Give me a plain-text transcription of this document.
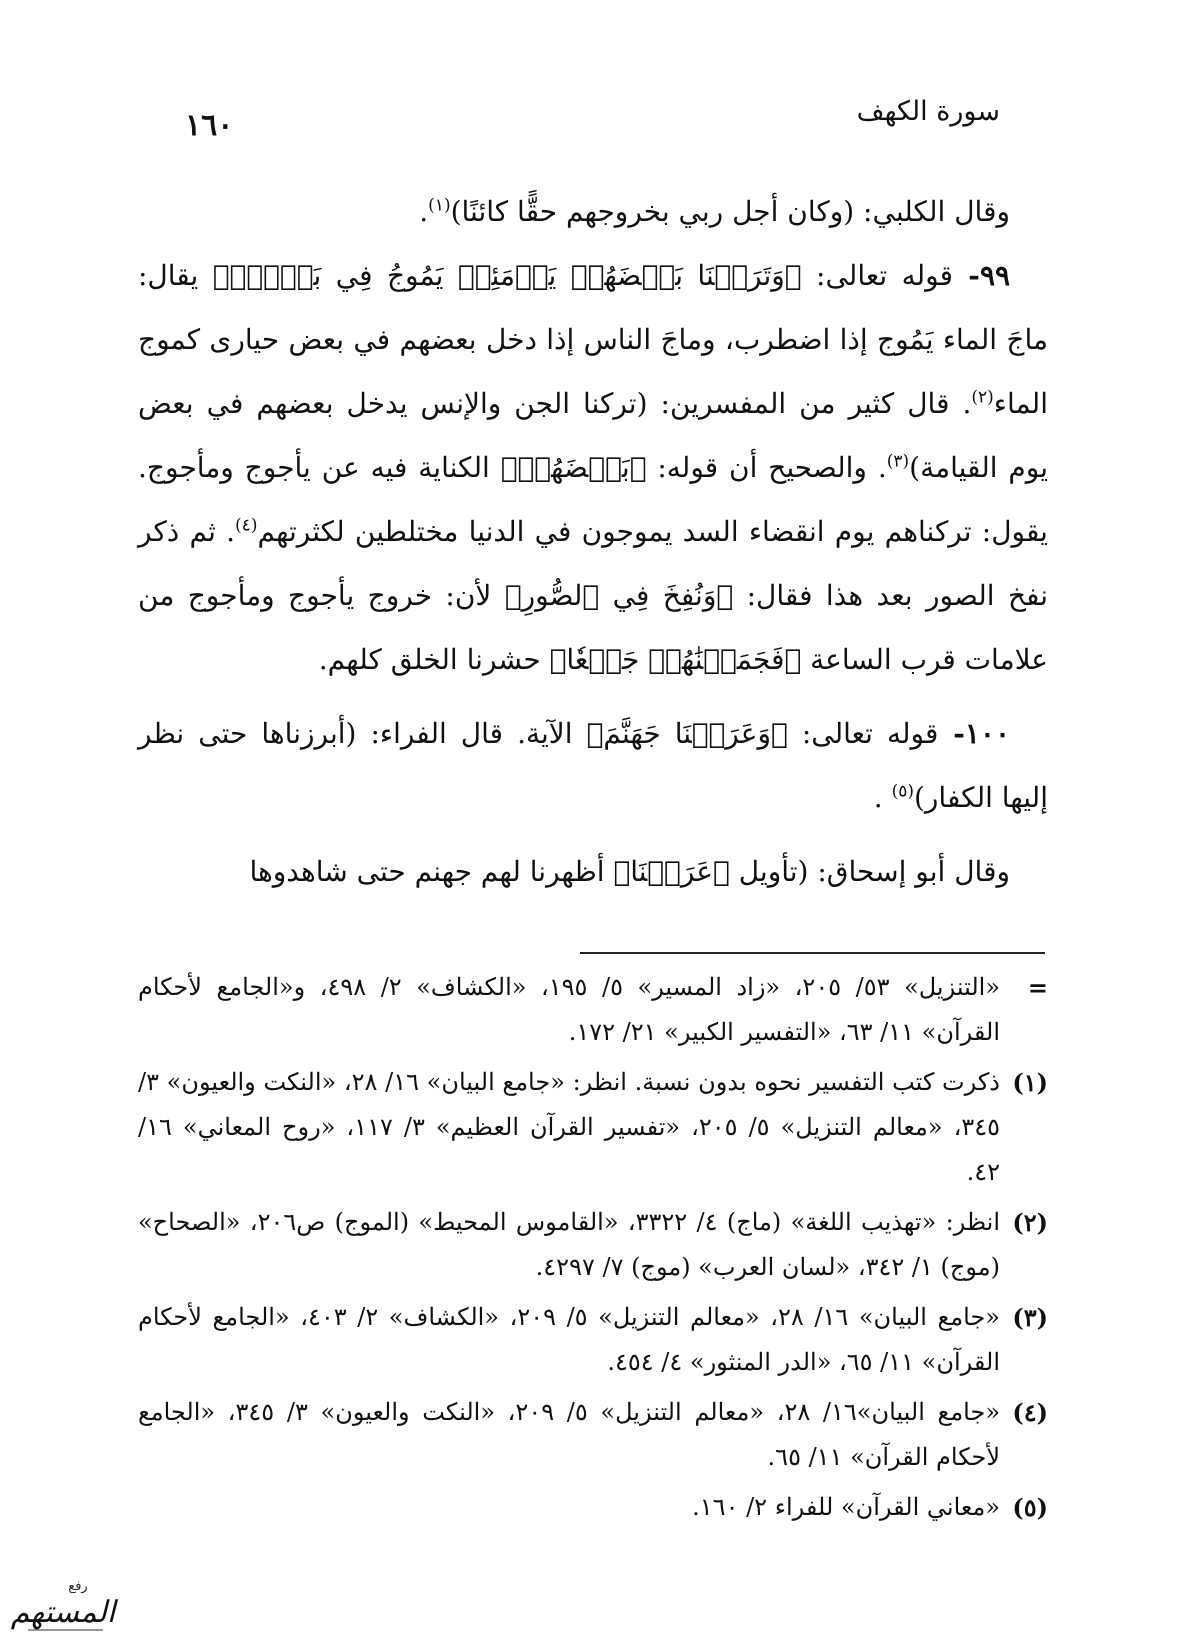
١٦٠	سورة الكهف

وقال الكلبي: (وكان أجل ربي بخروجهم حقًّا كائنًا)$^{(١)}$.

٩٩- قوله تعالى: ﴿وَتَرَكۡنَا بَعۡضَهُمۡ يَوۡمَئِذٖ يَمُوجُ فِي بَعۡضٖۖ﴾ يقال: ماجَ الماء يَمُوج إذا اضطرب، وماجَ الناس إذا دخل بعضهم في بعض حيارى كموج الماء$^{(٢)}$. قال كثير من المفسرين: (تركنا الجن والإنس يدخل بعضهم في بعض يوم القيامة)$^{(٣)}$. والصحيح أن قوله: ﴿بَعۡضَهُمۡ﴾ الكناية فيه عن يأجوج ومأجوج. يقول: تركناهم يوم انقضاء السد يموجون في الدنيا مختلطين لكثرتهم$^{(٤)}$. ثم ذكر نفخ الصور بعد هذا فقال: ﴿وَنُفِخَ فِي ٱلصُّورِ﴾ لأن: خروج يأجوج ومأجوج من علامات قرب الساعة ﴿فَجَمَعۡنَٰهُمۡ جَمۡعٗا﴾ حشرنا الخلق كلهم.

١٠٠- قوله تعالى: ﴿وَعَرَضۡنَا جَهَنَّمَ﴾ الآية. قال الفراء: (أبرزناها حتى نظر إليها الكفار)$^{(٥)}$ .

وقال أبو إسحاق: (تأويل ﴿عَرَضۡنَا﴾ أظهرنا لهم جهنم حتى شاهدوها

=
«التنزيل» ٥٣/ ٢٠٥، «زاد المسير» ٥/ ١٩٥، «الكشاف» ٢/ ٤٩٨، و«الجامع لأحكام القرآن» ١١/ ٦٣، «التفسير الكبير» ٢١/ ١٧٢.
(١)
ذكرت كتب التفسير نحوه بدون نسبة. انظر: «جامع البيان» ١٦/ ٢٨، «النكت والعيون» ٣/ ٣٤٥، «معالم التنزيل» ٥/ ٢٠٥، «تفسير القرآن العظيم» ٣/ ١١٧، «روح المعاني» ١٦/ ٤٢.
(٢)
انظر: «تهذيب اللغة» (ماج) ٤/ ٣٣٢٢، «القاموس المحيط» (الموج) ص٢٠٦، «الصحاح» (موج) ١/ ٣٤٢، «لسان العرب» (موج) ٧/ ٤٢٩٧.
(٣)
«جامع البيان» ١٦/ ٢٨، «معالم التنزيل» ٥/ ٢٠٩، «الكشاف» ٢/ ٤٠٣، «الجامع لأحكام القرآن» ١١/ ٦٥، «الدر المنثور» ٤/ ٤٥٤.
(٤)
«جامع البيان»١٦/ ٢٨، «معالم التنزيل» ٥/ ٢٠٩، «النكت والعيون» ٣/ ٣٤٥، «الجامع لأحكام القرآن» ١١/ ٦٥.
(٥)
«معاني القرآن» للفراء ٢/ ١٦٠.
رفع
المستهم
